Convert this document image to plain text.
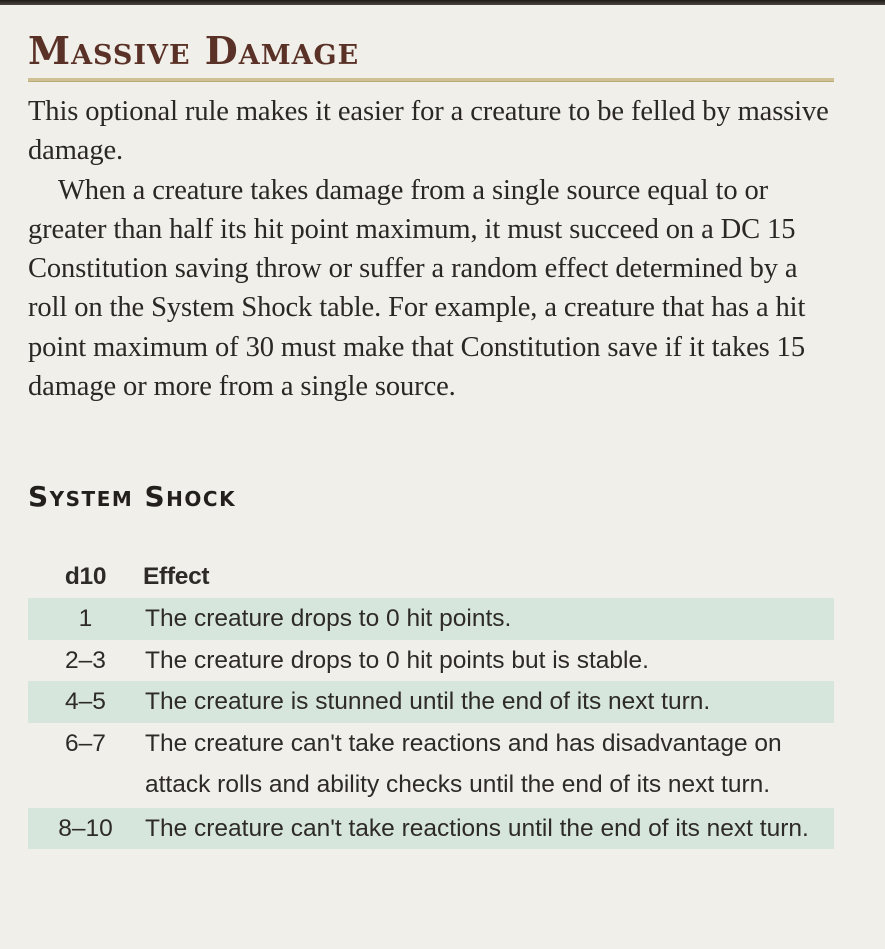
Massive Damage

This optional rule makes it easier for a creature to be felled by massive damage.

When a creature takes damage from a single source equal to or greater than half its hit point maximum, it must succeed on a DC 15 Constitution saving throw or suffer a random effect determined by a roll on the System Shock table. For example, a creature that has a hit point maximum of 30 must make that Constitution save if it takes 15 damage or more from a single source.

System Shock
d10	Effect
1	The creature drops to 0 hit points.
2–3	The creature drops to 0 hit points but is stable.
4–5	The creature is stunned until the end of its next turn.
6–7	The creature can't take reactions and has disadvantage on attack rolls and ability checks until the end of its next turn.
8–10	The creature can't take reactions until the end of its next turn.
